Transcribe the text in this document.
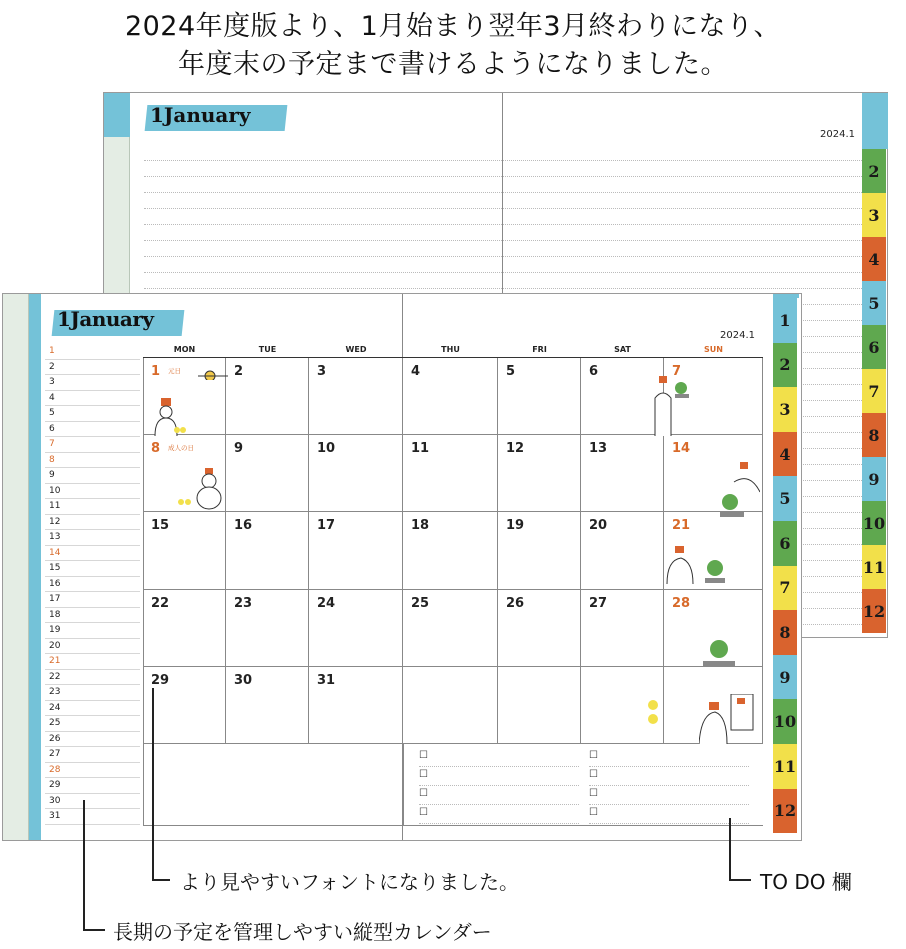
2024年度版より、1月始まり翌年3月終わりになり、
年度末の予定まで書けるようになりました。
1January
2024.1
2
3
4
5
6
7
8
9
10
11
12
1January
2024.1
1
2
3
4
5
6
7
8
9
10
11
12
13
14
15
16
17
18
19
20
21
22
23
24
25
26
27
28
29
30
31
MON	TUE	WED	THU	FRI	SAT	SUN
1 元日	2	3	4	5	6	7
8 成人の日	9	10	11	12	13	14
15	16	17	18	19	20	21
22	23	24	25	26	27	28
29	30	31
☐
☐
☐
☐
☐
☐
☐
☐
1
2
3
4
5
6
7
8
9
10
11
12
より見やすいフォントになりました。	TO DO 欄
長期の予定を管理しやすい縦型カレンダー
